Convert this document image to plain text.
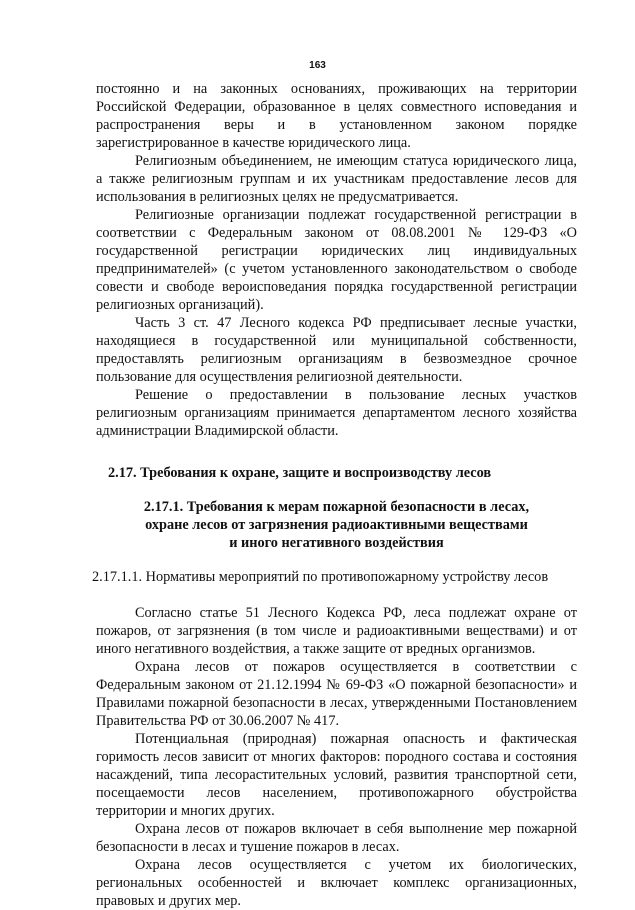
163

постоянно и на законных основаниях, проживающих на территории Российской Федерации, образованное в целях совместного исповедания и распространения веры и в установленном законом порядке зарегистрированное в качестве юридического лица.

Религиозным объединением, не имеющим статуса юридического лица, а также религиозным группам и их участникам предоставление лесов для использования в религиозных целях не предусматривается.

Религиозные организации подлежат государственной регистрации в соответствии с Федеральным законом от 08.08.2001 № 129-ФЗ «О государственной регистрации юридических лиц индивидуальных предпринимателей» (с учетом установленного законодательством о свободе совести и свободе вероисповедания порядка государственной регистрации религиозных организаций).

Часть 3 ст. 47 Лесного кодекса РФ предписывает лесные участки, находящиеся в государственной или муниципальной собственности, предоставлять религиозным организациям в безвозмездное срочное пользование для осуществления религиозной деятельности.

Решение о предоставлении в пользование лесных участков религиозным организациям принимается департаментом лесного хозяйства администрации Владимирской области.

2.17. Требования к охране, защите и воспроизводству лесов
2.17.1. Требования к мерам пожарной безопасности в лесах,
охране лесов от загрязнения радиоактивными веществами
и иного негативного воздействия

2.17.1.1. Нормативы мероприятий по противопожарному устройству лесов

Согласно статье 51 Лесного Кодекса РФ, леса подлежат охране от пожаров, от загрязнения (в том числе и радиоактивными веществами) и от иного негативного воздействия, а также защите от вредных организмов.

Охрана лесов от пожаров осуществляется в соответствии с Федеральным законом от 21.12.1994 № 69-ФЗ «О пожарной безопасности» и Правилами пожарной безопасности в лесах, утвержденными Постановлением Правительства РФ от 30.06.2007 № 417.

Потенциальная (природная) пожарная опасность и фактическая горимость лесов зависит от многих факторов: породного состава и состояния насаждений, типа лесорастительных условий, развития транспортной сети, посещаемости лесов населением, противопожарного обустройства территории и многих других.

Охрана лесов от пожаров включает в себя выполнение мер пожарной безопасности в лесах и тушение пожаров в лесах.

Охрана лесов осуществляется с учетом их биологических, региональных особенностей и включает комплекс организационных, правовых и других мер.
